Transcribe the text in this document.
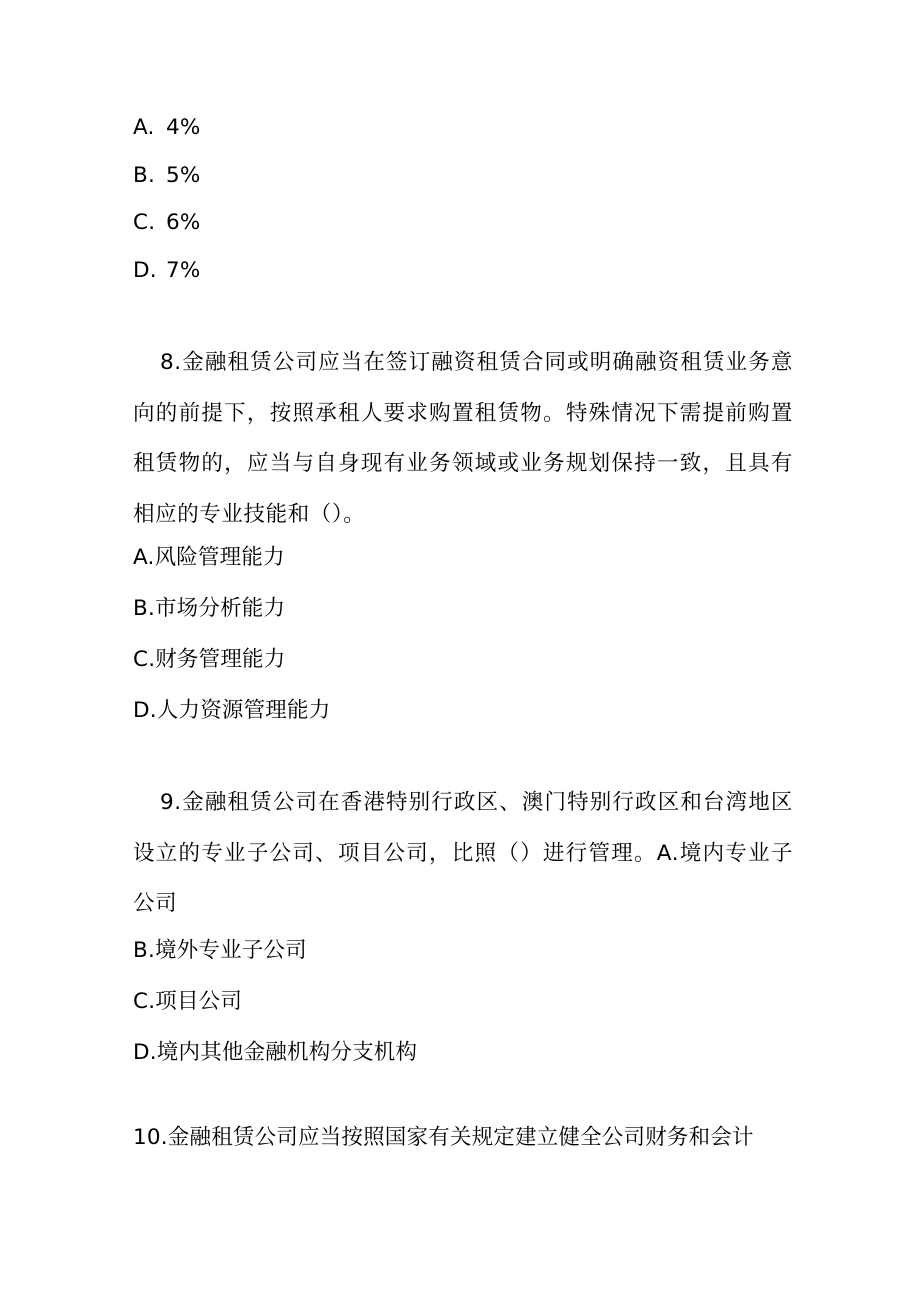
A. 4%
B. 5%
C. 6%
D. 7%
8.金融租赁公司应当在签订融资租赁合同或明确融资租赁业务意向的前提下，按照承租人要求购置租赁物。特殊情况下需提前购置租赁物的，应当与自身现有业务领域或业务规划保持一致，且具有相应的专业技能和（）。
A.风险管理能力
B.市场分析能力
C.财务管理能力
D.人力资源管理能力
9.金融租赁公司在香港特别行政区、澳门特别行政区和台湾地区设立的专业子公司、项目公司，比照（）进行管理。A.境内专业子公司
B.境外专业子公司
C.项目公司
D.境内其他金融机构分支机构
10.金融租赁公司应当按照国家有关规定建立健全公司财务和会计
